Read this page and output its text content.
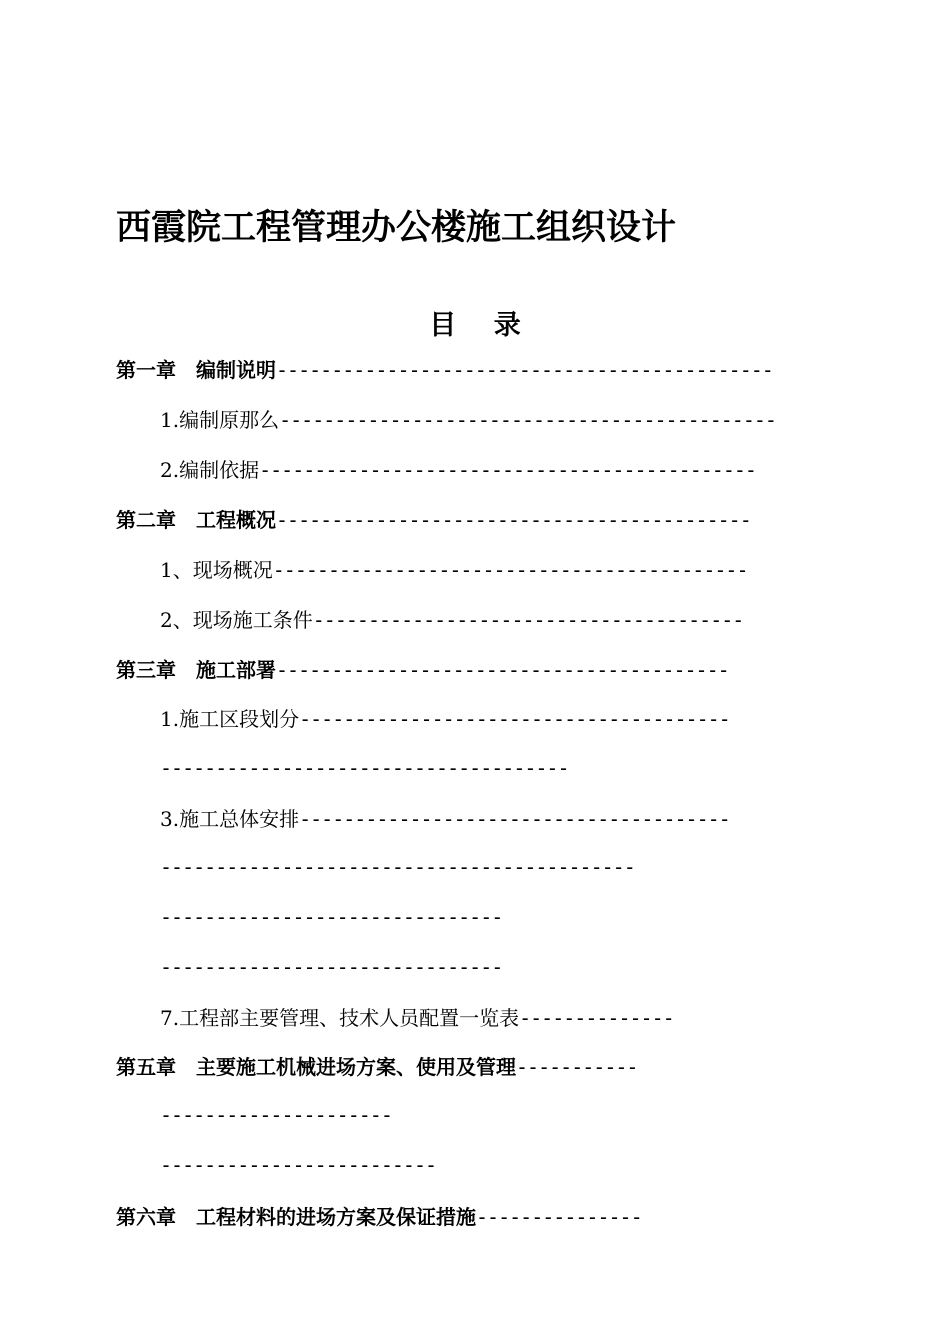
西霞院工程管理办公楼施工组织设计
目    录
第一章　编制说明---------------------------------------------
1.编制原那么---------------------------------------------
2.编制依据---------------------------------------------
第二章　工程概况-------------------------------------------
1、现场概况-------------------------------------------
2、现场施工条件---------------------------------------
第三章　施工部署-----------------------------------------
1.施工区段划分---------------------------------------
-------------------------------------
3.施工总体安排---------------------------------------
-------------------------------------------
-------------------------------
-------------------------------
7.工程部主要管理、技术人员配置一览表--------------
第五章　主要施工机械进场方案、使用及管理-----------
---------------------
-------------------------
第六章　工程材料的进场方案及保证措施---------------
